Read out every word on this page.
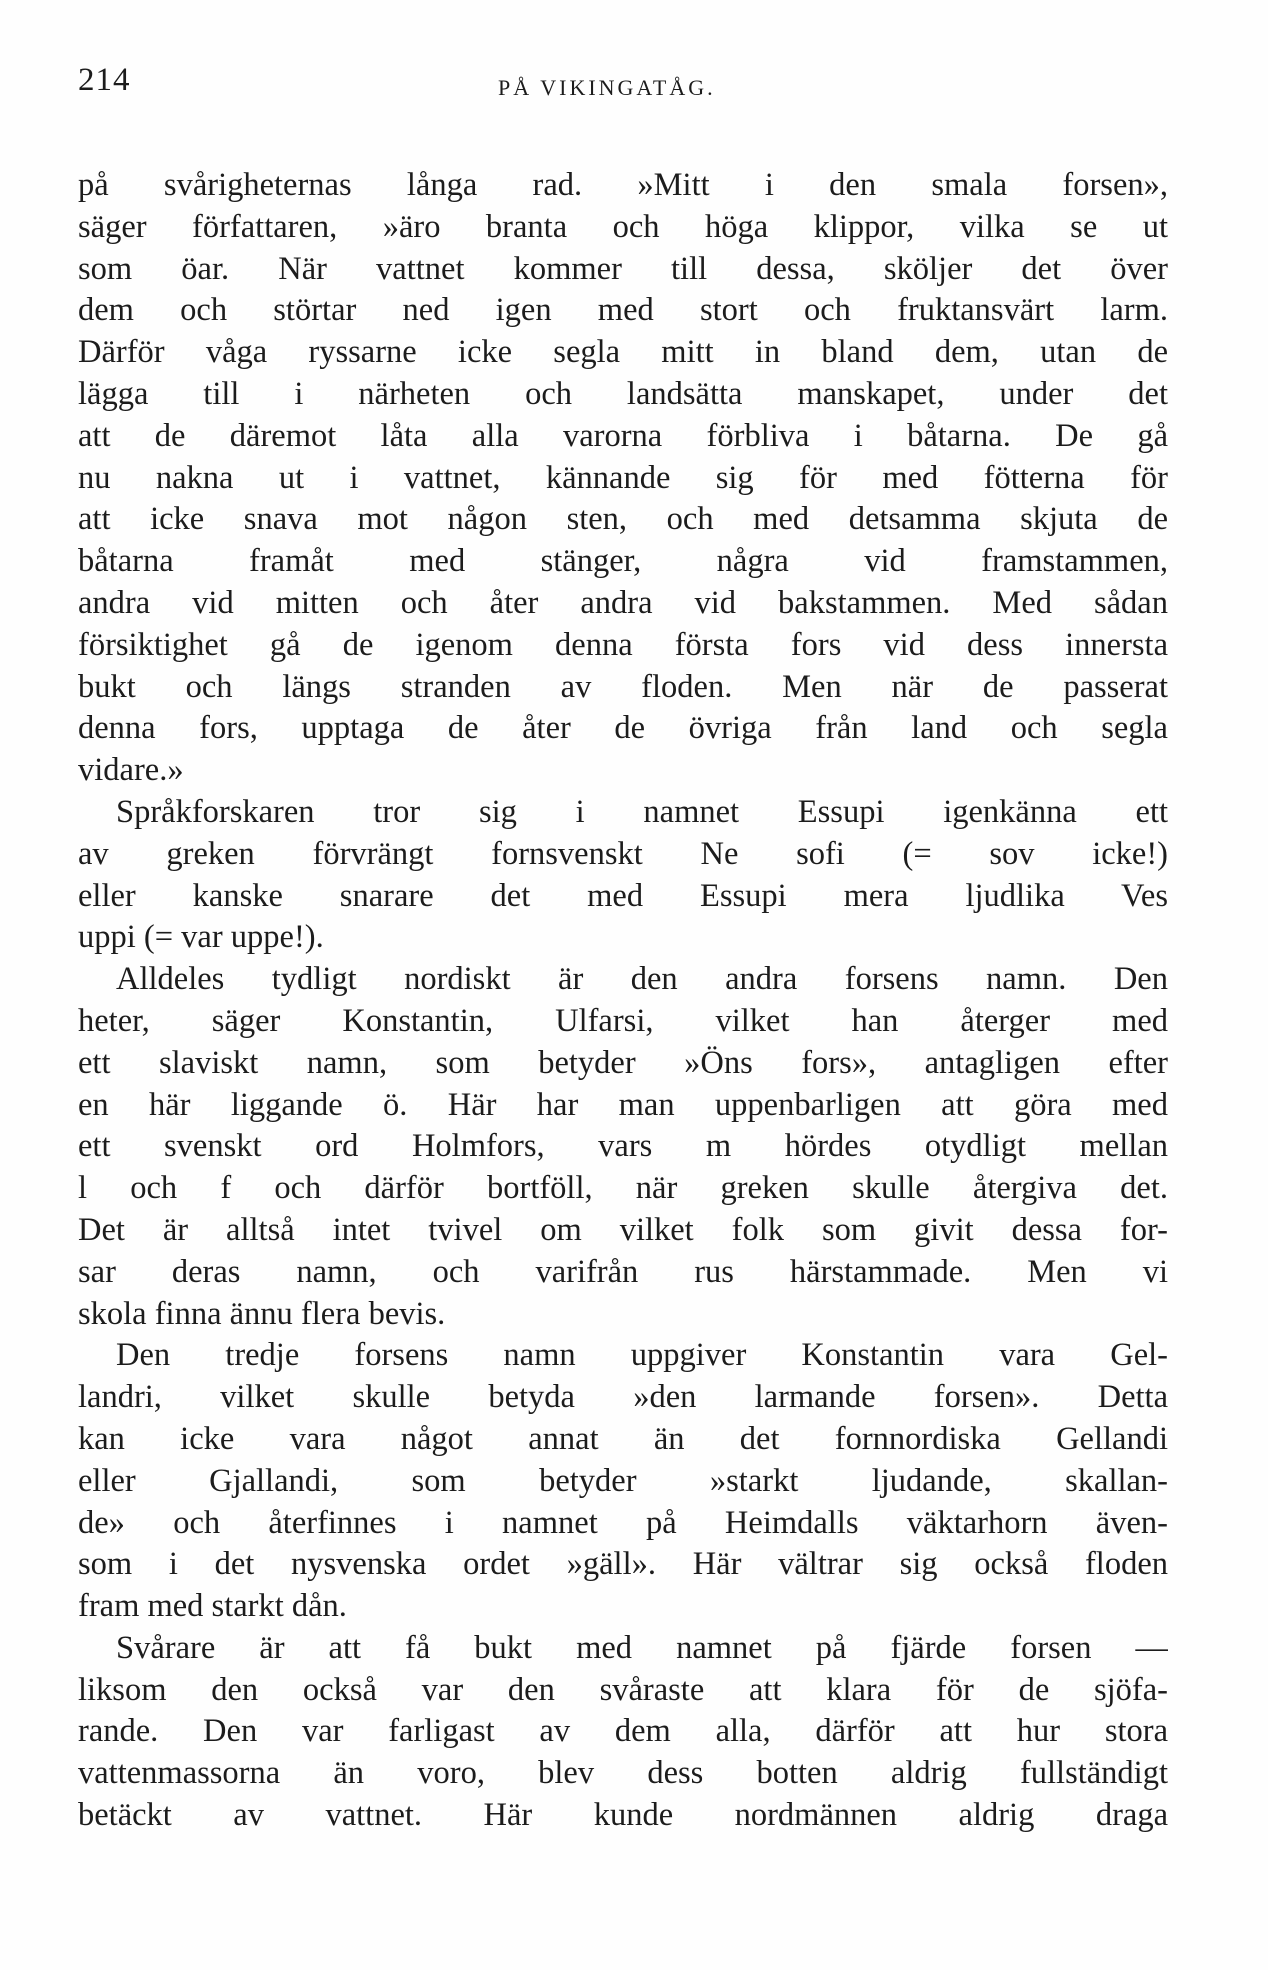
214	PÅ VIKINGATÅG.
på svårigheternas långa rad. »Mitt i den smala forsen»,
säger författaren, »äro branta och höga klippor, vilka se ut
som öar. När vattnet kommer till dessa, sköljer det över
dem och störtar ned igen med stort och fruktansvärt larm.
Därför våga ryssarne icke segla mitt in bland dem, utan de
lägga till i närheten och landsätta manskapet, under det
att de däremot låta alla varorna förbliva i båtarna. De gå
nu nakna ut i vattnet, kännande sig för med fötterna för
att icke snava mot någon sten, och med detsamma skjuta de
båtarna framåt med stänger, några vid framstammen,
andra vid mitten och åter andra vid bakstammen. Med sådan
försiktighet gå de igenom denna första fors vid dess innersta
bukt och längs stranden av floden. Men när de passerat
denna fors, upptaga de åter de övriga från land och segla
vidare.»
Språkforskaren tror sig i namnet Essupi igenkänna ett
av greken förvrängt fornsvenskt Ne sofi (= sov icke!)
eller kanske snarare det med Essupi mera ljudlika Ves
uppi (= var uppe!).
Alldeles tydligt nordiskt är den andra forsens namn. Den
heter, säger Konstantin, Ulfarsi, vilket han återger med
ett slaviskt namn, som betyder »Öns fors», antagligen efter
en här liggande ö. Här har man uppenbarligen att göra med
ett svenskt ord Holmfors, vars m hördes otydligt mellan
l och f och därför bortföll, när greken skulle återgiva det.
Det är alltså intet tvivel om vilket folk som givit dessa for-
sar deras namn, och varifrån rus härstammade. Men vi
skola finna ännu flera bevis.
Den tredje forsens namn uppgiver Konstantin vara Gel-
landri, vilket skulle betyda »den larmande forsen». Detta
kan icke vara något annat än det fornnordiska Gellandi
eller Gjallandi, som betyder »starkt ljudande, skallan-
de» och återfinnes i namnet på Heimdalls väktarhorn även-
som i det nysvenska ordet »gäll». Här vältrar sig också floden
fram med starkt dån.
Svårare är att få bukt med namnet på fjärde forsen —
liksom den också var den svåraste att klara för de sjöfa-
rande. Den var farligast av dem alla, därför att hur stora
vattenmassorna än voro, blev dess botten aldrig fullständigt
betäckt av vattnet. Här kunde nordmännen aldrig draga
